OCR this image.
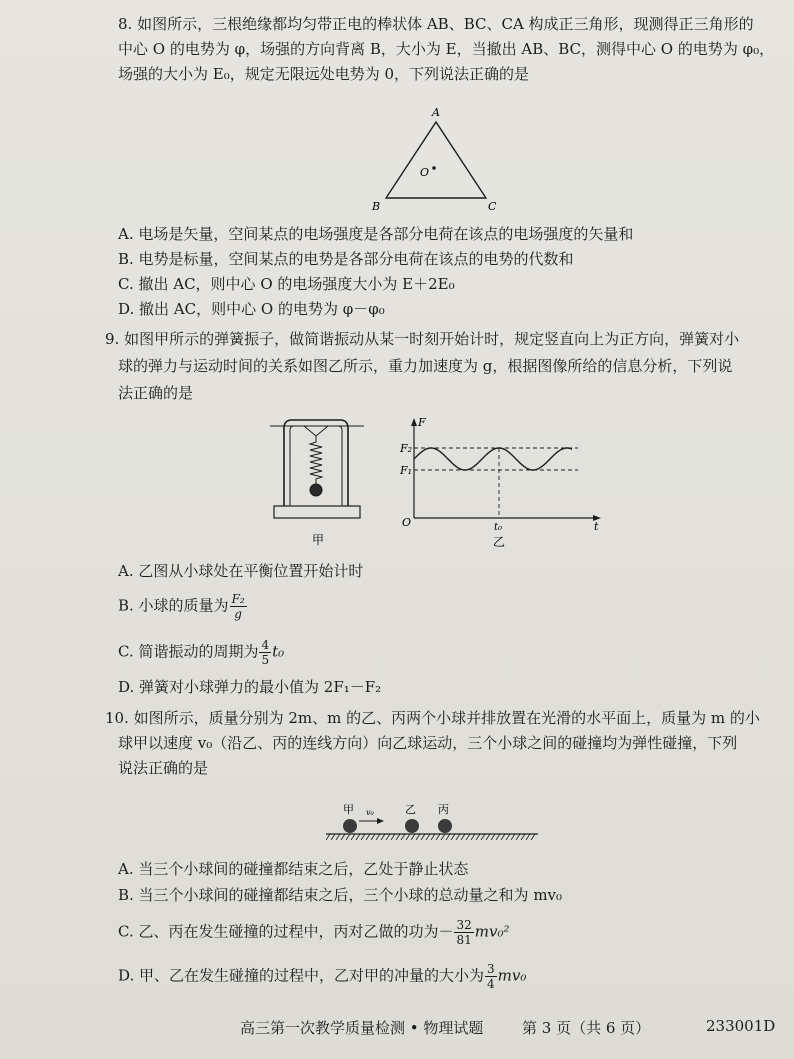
8. 如图所示，三根绝缘都均匀带正电的棒状体 AB、BC、CA 构成正三角形，现测得正三角形的
中心 O 的电势为 φ，场强的方向背离 B，大小为 E，当撤出 AB、BC，测得中心 O 的电势为 φ₀，
场强的大小为 E₀，规定无限远处电势为 0，下列说法正确的是
A
B	C
O
A. 电场是矢量，空间某点的电场强度是各部分电荷在该点的电场强度的矢量和
B. 电势是标量，空间某点的电势是各部分电荷在该点的电势的代数和
C. 撤出 AC，则中心 O 的电场强度大小为 E＋2E₀
D. 撤出 AC，则中心 O 的电势为 φ－φ₀
9. 如图甲所示的弹簧振子，做简谐振动从某一时刻开始计时，规定竖直向上为正方向，弹簧对小
球的弹力与运动时间的关系如图乙所示，重力加速度为 g，根据图像所给的信息分析，下列说
法正确的是
甲
F
t
O
F₂
F₁
t₀
乙
A. 乙图从小球处在平衡位置开始计时
B. 小球的质量为 $\frac{\text{F₂}}{g}$
C. 简谐振动的周期为 $\frac{4}{5} t_0$
D. 弹簧对小球弹力的最小值为 2F₁－F₂
10. 如图所示，质量分别为 2m、m 的乙、丙两个小球并排放置在光滑的水平面上，质量为 m 的小
球甲以速度 v₀（沿乙、丙的连线方向）向乙球运动，三个小球之间的碰撞均为弹性碰撞，下列
说法正确的是
甲	乙 丙
v₀
A. 当三个小球间的碰撞都结束之后，乙处于静止状态
B. 当三个小球间的碰撞都结束之后，三个小球的总动量之和为 mv₀
C. 乙、丙在发生碰撞的过程中，丙对乙做的功为－ $\frac{32}{81} mv_0^2$
D. 甲、乙在发生碰撞的过程中，乙对甲的冲量的大小为 $\frac{3}{4} mv_0$
高三第一次教学质量检测 • 物理试题	第 3 页（共 6 页）	233001D
